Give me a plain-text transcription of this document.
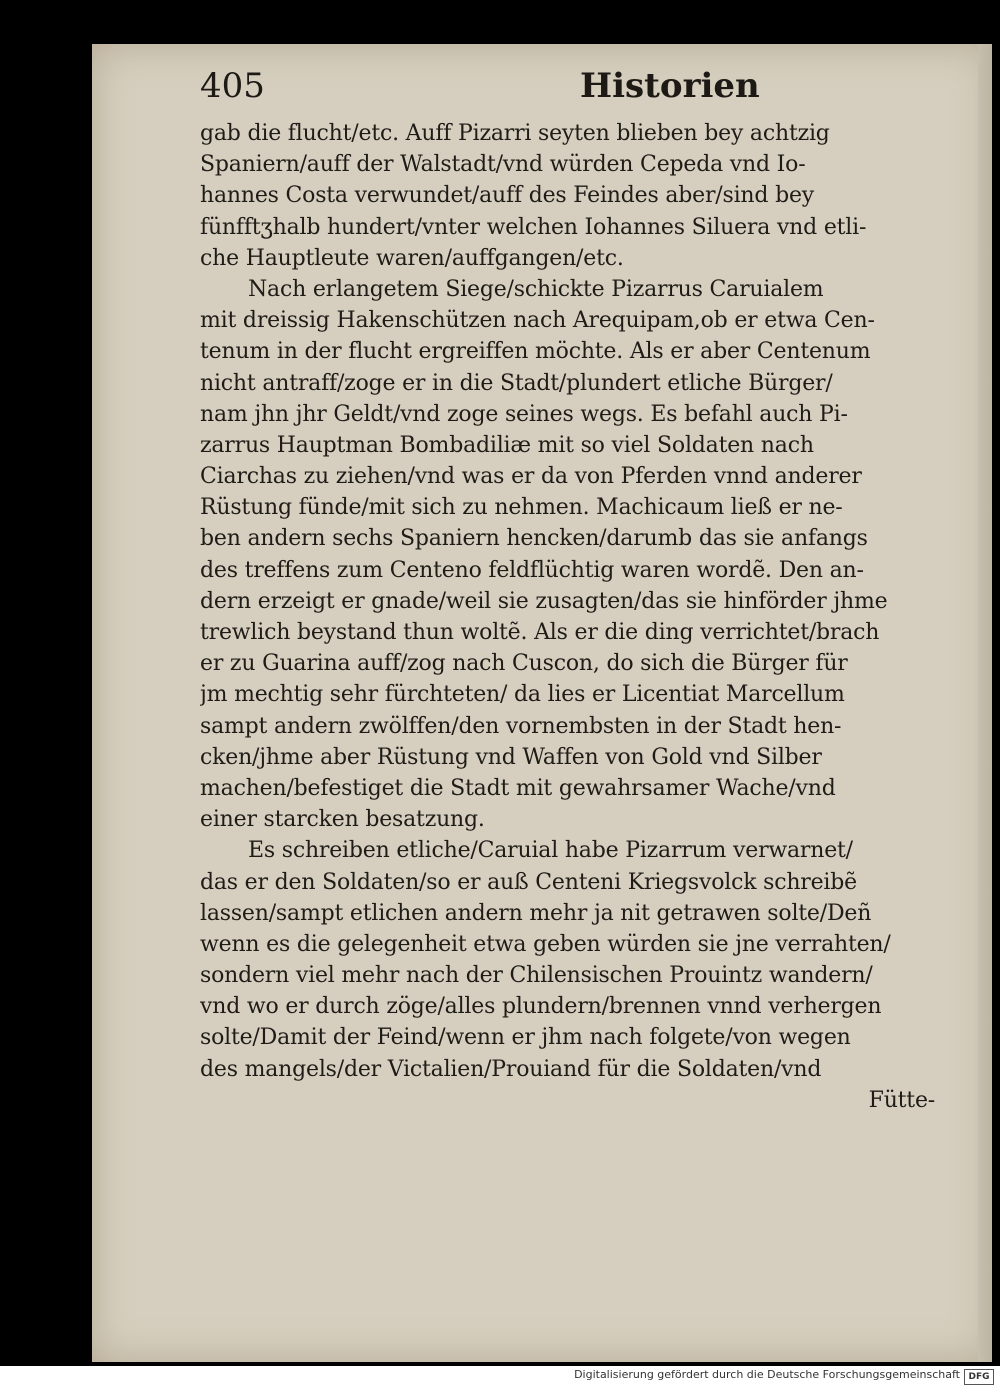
405	Historien
gab die flucht/etc. Auff Pizarri seyten blieben bey achtzig
Spaniern/auff der Walstadt/vnd würden Cepeda vnd Io-
hannes Costa verwundet/auff des Feindes aber/sind bey
fünfftʒhalb hundert/vnter welchen Iohannes Siluera vnd etli-
che Hauptleute waren/auffgangen/etc.
Nach erlangetem Siege/schickte Pizarrus Caruialem
mit dreissig Hakenschützen nach Arequipam,ob er etwa Cen-
tenum in der flucht ergreiffen möchte. Als er aber Centenum
nicht antraff/zoge er in die Stadt/plundert etliche Bürger/
nam jhn jhr Geldt/vnd zoge seines wegs. Es befahl auch Pi-
zarrus Hauptman Bombadiliæ mit so viel Soldaten nach
Ciarchas zu ziehen/vnd was er da von Pferden vnnd anderer
Rüstung fünde/mit sich zu nehmen. Machicaum ließ er ne-
ben andern sechs Spaniern hencken/darumb das sie anfangs
des treffens zum Centeno feldflüchtig waren wordẽ. Den an-
dern erzeigt er gnade/weil sie zusagten/das sie hinförder jhme
trewlich beystand thun woltẽ. Als er die ding verrichtet/brach
er zu Guarina auff/zog nach Cuscon, do sich die Bürger für
jm mechtig sehr fürchteten/ da lies er Licentiat Marcellum
sampt andern zwölffen/den vornembsten in der Stadt hen-
cken/jhme aber Rüstung vnd Waffen von Gold vnd Silber
machen/befestiget die Stadt mit gewahrsamer Wache/vnd
einer starcken besatzung.
Es schreiben etliche/Caruial habe Pizarrum verwarnet/
das er den Soldaten/so er auß Centeni Kriegsvolck schreibẽ
lassen/sampt etlichen andern mehr ja nit getrawen solte/Deñ
wenn es die gelegenheit etwa geben würden sie jne verrahten/
sondern viel mehr nach der Chilensischen Prouintz wandern/
vnd wo er durch zöge/alles plundern/brennen vnnd verhergen
solte/Damit der Feind/wenn er jhm nach folgete/von wegen
des mangels/der Victalien/Prouiand für die Soldaten/vnd
Fütte-
Digitalisierung gefördert durch die Deutsche Forschungsgemeinschaft DFG
